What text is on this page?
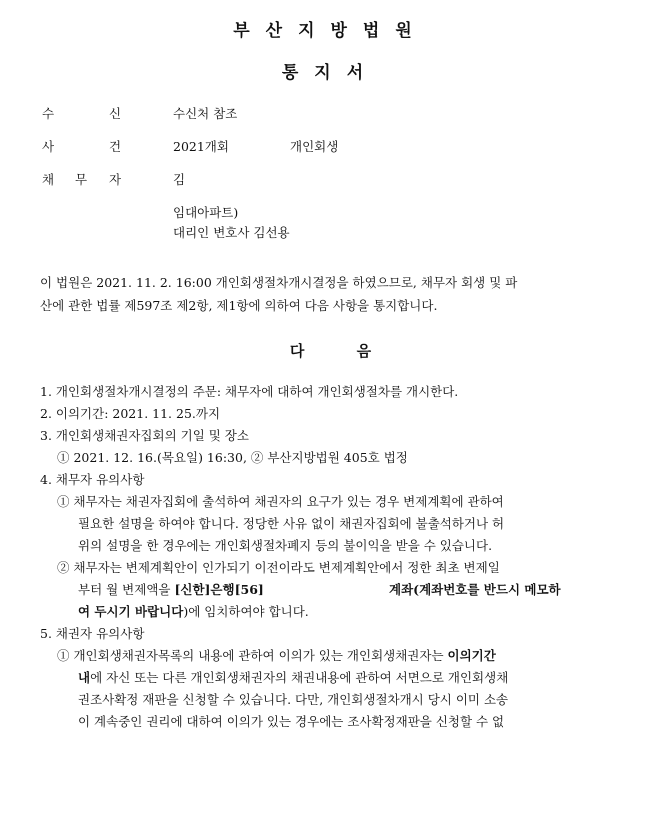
부산지방법원
통지서
수	신	수신처 참조
사	건	2021개회	개인회생
채 무 자	김
임대아파트)
대리인 변호사 김선용
이 법원은 2021. 11. 2. 16:00 개인회생절차개시결정을 하였으므로, 채무자 회생 및 파
산에 관한 법률 제597조 제2항, 제1항에 의하여 다음 사항을 통지합니다.
다          음
1. 개인회생절차개시결정의 주문: 채무자에 대하여 개인회생절차를 개시한다.
2. 이의기간: 2021. 11. 25.까지
3. 개인회생채권자집회의 기일 및 장소
① 2021. 12. 16.(목요일) 16:30, ② 부산지방법원 405호 법정
4. 채무자 유의사항
① 채무자는 채권자집회에 출석하여 채권자의 요구가 있는 경우 변제계획에 관하여
필요한 설명을 하여야 합니다. 정당한 사유 없이 채권자집회에 불출석하거나 허
위의 설명을 한 경우에는 개인회생절차폐지 등의 불이익을 받을 수 있습니다.
② 채무자는 변제계획안이 인가되기 이전이라도 변제계획안에서 정한 최초 변제일
부터 월 변제액을 [신한]은행[56]	계좌(계좌번호를 반드시 메모하
여 두시기 바랍니다)에 임치하여야 합니다.
5. 채권자 유의사항
① 개인회생채권자목록의 내용에 관하여 이의가 있는 개인회생채권자는 이의기간
내에 자신 또는 다른 개인회생채권자의 채권내용에 관하여 서면으로 개인회생채
권조사확정 재판을 신청할 수 있습니다. 다만, 개인회생절차개시 당시 이미 소송
이 계속중인 권리에 대하여 이의가 있는 경우에는 조사확정재판을 신청할 수 없
